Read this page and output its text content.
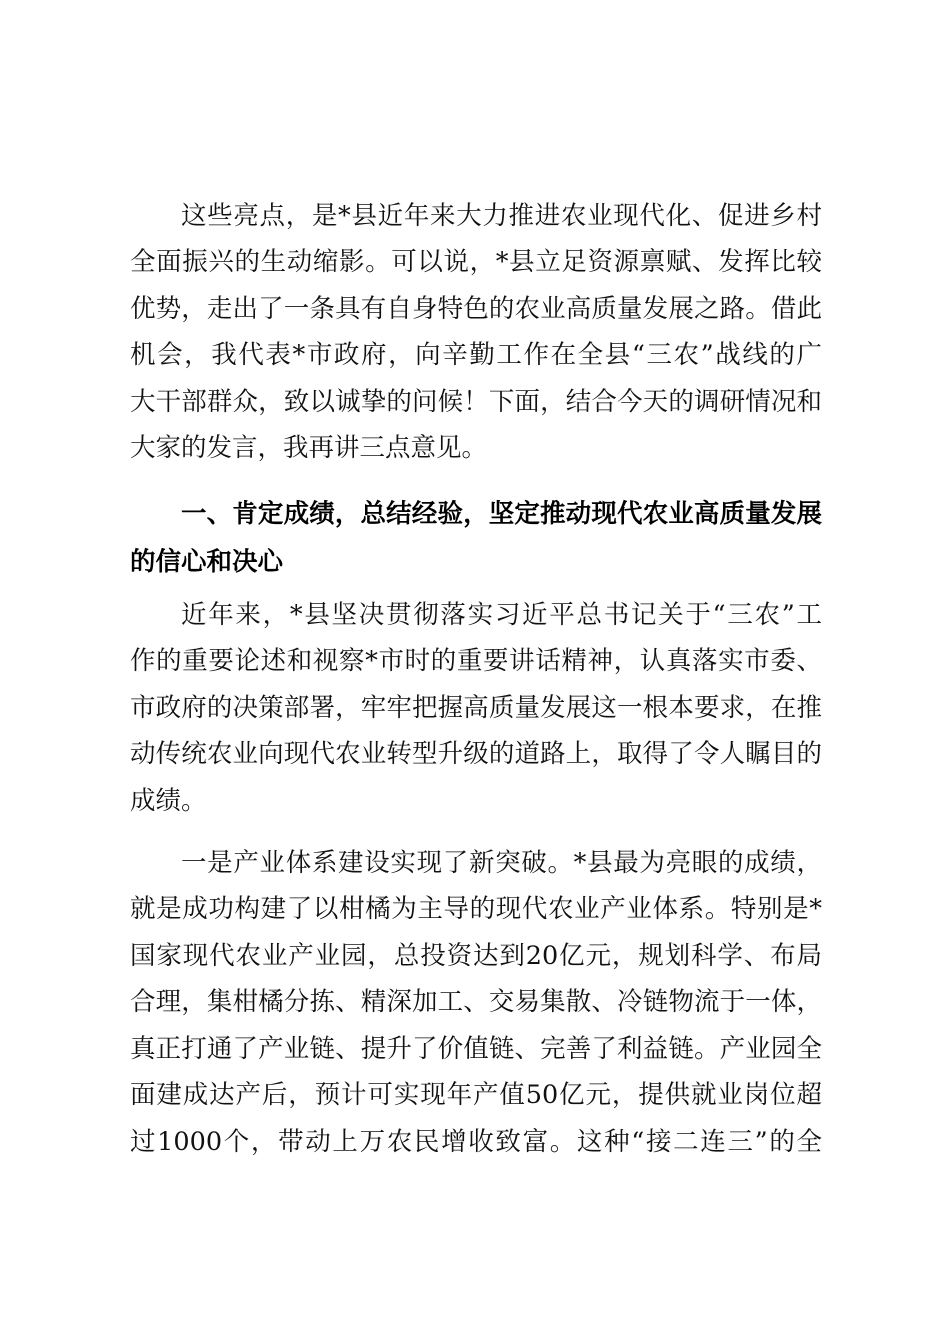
这些亮点，是*县近年来大力推进农业现代化、促进乡村
全面振兴的生动缩影。可以说，*县立足资源禀赋、发挥比较
优势，走出了一条具有自身特色的农业高质量发展之路。借此
机会，我代表*市政府，向辛勤工作在全县“三农”战线的广
大干部群众，致以诚挚的问候！下面，结合今天的调研情况和
大家的发言，我再讲三点意见。
一、肯定成绩，总结经验，坚定推动现代农业高质量发展
的信心和决心
近年来，*县坚决贯彻落实习近平总书记关于“三农”工
作的重要论述和视察*市时的重要讲话精神，认真落实市委、
市政府的决策部署，牢牢把握高质量发展这一根本要求，在推
动传统农业向现代农业转型升级的道路上，取得了令人瞩目的
成绩。
一是产业体系建设实现了新突破。*县最为亮眼的成绩，
就是成功构建了以柑橘为主导的现代农业产业体系。特别是*
国家现代农业产业园，总投资达到20亿元，规划科学、布局
合理，集柑橘分拣、精深加工、交易集散、冷链物流于一体，
真正打通了产业链、提升了价值链、完善了利益链。产业园全
面建成达产后，预计可实现年产值50亿元，提供就业岗位超
过1000个，带动上万农民增收致富。这种“接二连三”的全
